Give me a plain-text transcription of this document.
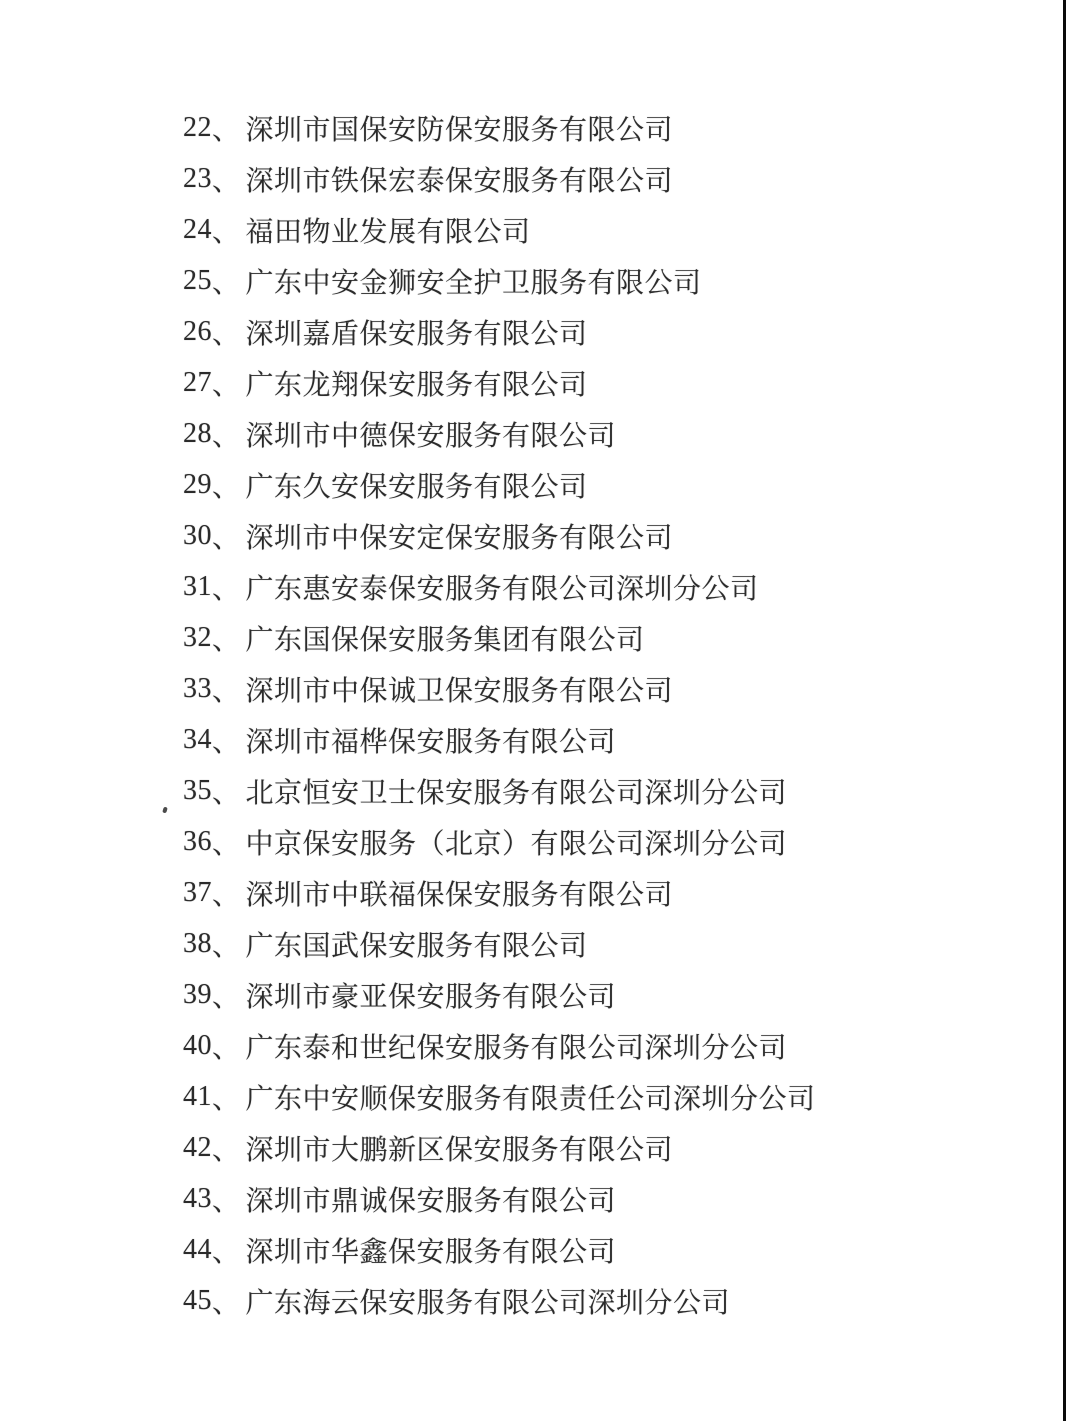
22 、 深圳市国保安防保安服务有限公司
23 、 深圳市铁保宏泰保安服务有限公司
24 、 福田物业发展有限公司
25 、 广东中安金狮安全护卫服务有限公司
26 、 深圳嘉盾保安服务有限公司
27 、 广东龙翔保安服务有限公司
28 、 深圳市中德保安服务有限公司
29 、 广东久安保安服务有限公司
30 、 深圳市中保安定保安服务有限公司
31 、 广东惠安泰保安服务有限公司深圳分公司
32 、 广东国保保安服务集团有限公司
33 、 深圳市中保诚卫保安服务有限公司
34 、 深圳市福桦保安服务有限公司
35 、 北京恒安卫士保安服务有限公司深圳分公司
36 、 中京保安服务（北京）有限公司深圳分公司
37 、 深圳市中联福保保安服务有限公司
38 、 广东国武保安服务有限公司
39 、 深圳市豪亚保安服务有限公司
40 、 广东泰和世纪保安服务有限公司深圳分公司
41 、 广东中安顺保安服务有限责任公司深圳分公司
42 、 深圳市大鹏新区保安服务有限公司
43 、 深圳市鼎诚保安服务有限公司
44 、 深圳市华鑫保安服务有限公司
45 、 广东海云保安服务有限公司深圳分公司
